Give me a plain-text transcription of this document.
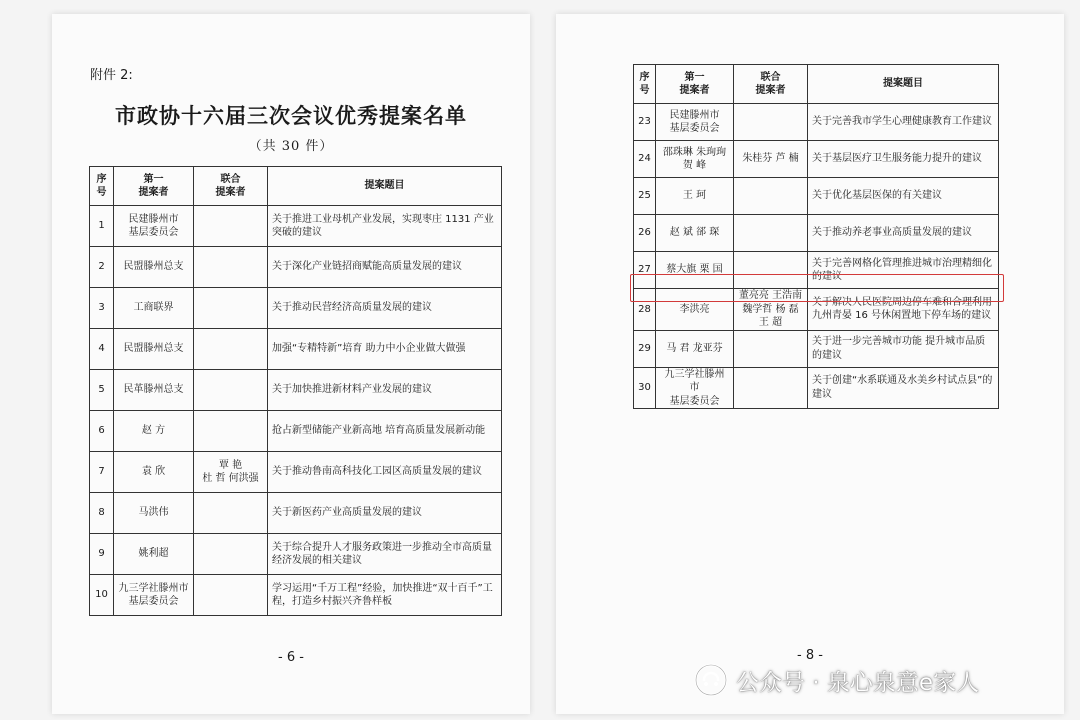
附件 2:
市政协十六届三次会议优秀提案名单
（共 30 件）
序
号	第一
提案者	联合
提案者	提案题目
1	民建滕州市
基层委员会		关于推进工业母机产业发展，实现枣庄 1131 产业突破的建议
2	民盟滕州总支		关于深化产业链招商赋能高质量发展的建议
3	工商联界		关于推动民营经济高质量发展的建议
4	民盟滕州总支		加强“专精特新”培育 助力中小企业做大做强
5	民革滕州总支		关于加快推进新材料产业发展的建议
6	赵 方		抢占新型储能产业新高地 培育高质量发展新动能
7	袁 欣	覃 艳
杜 哲 何洪强	关于推动鲁南高科技化工园区高质量发展的建议
8	马洪伟		关于新医药产业高质量发展的建议
9	姚利超		关于综合提升人才服务政策进一步推动全市高质量经济发展的相关建议
10	九三学社滕州市
基层委员会		学习运用“千万工程”经验，加快推进“双十百千”工程，打造乡村振兴齐鲁样板
- 6 -
序
号	第一
提案者	联合
提案者	提案题目
23	民建滕州市
基层委员会		关于完善我市学生心理健康教育工作建议
24	邵珠琳 朱珣珣
贺 峰	朱桂芬 芦 楠	关于基层医疗卫生服务能力提升的建议
25	王 珂		关于优化基层医保的有关建议
26	赵 斌 郤 琛		关于推动养老事业高质量发展的建议
27	蔡大旗 栗 国		关于完善网格化管理推进城市治理精细化的建议
28	李洪亮	董亮亮 王浩南
魏学哲 杨 磊
王 超	关于解决人民医院周边停车难和合理利用九州青晏 16 号休闲置地下停车场的建议
29	马 君 龙亚芬		关于进一步完善城市功能 提升城市品质的建议
30	九三学社滕州市
基层委员会		关于创建“水系联通及水美乡村试点县”的建议
- 8 -
公众号 · 泉心泉意e家人
